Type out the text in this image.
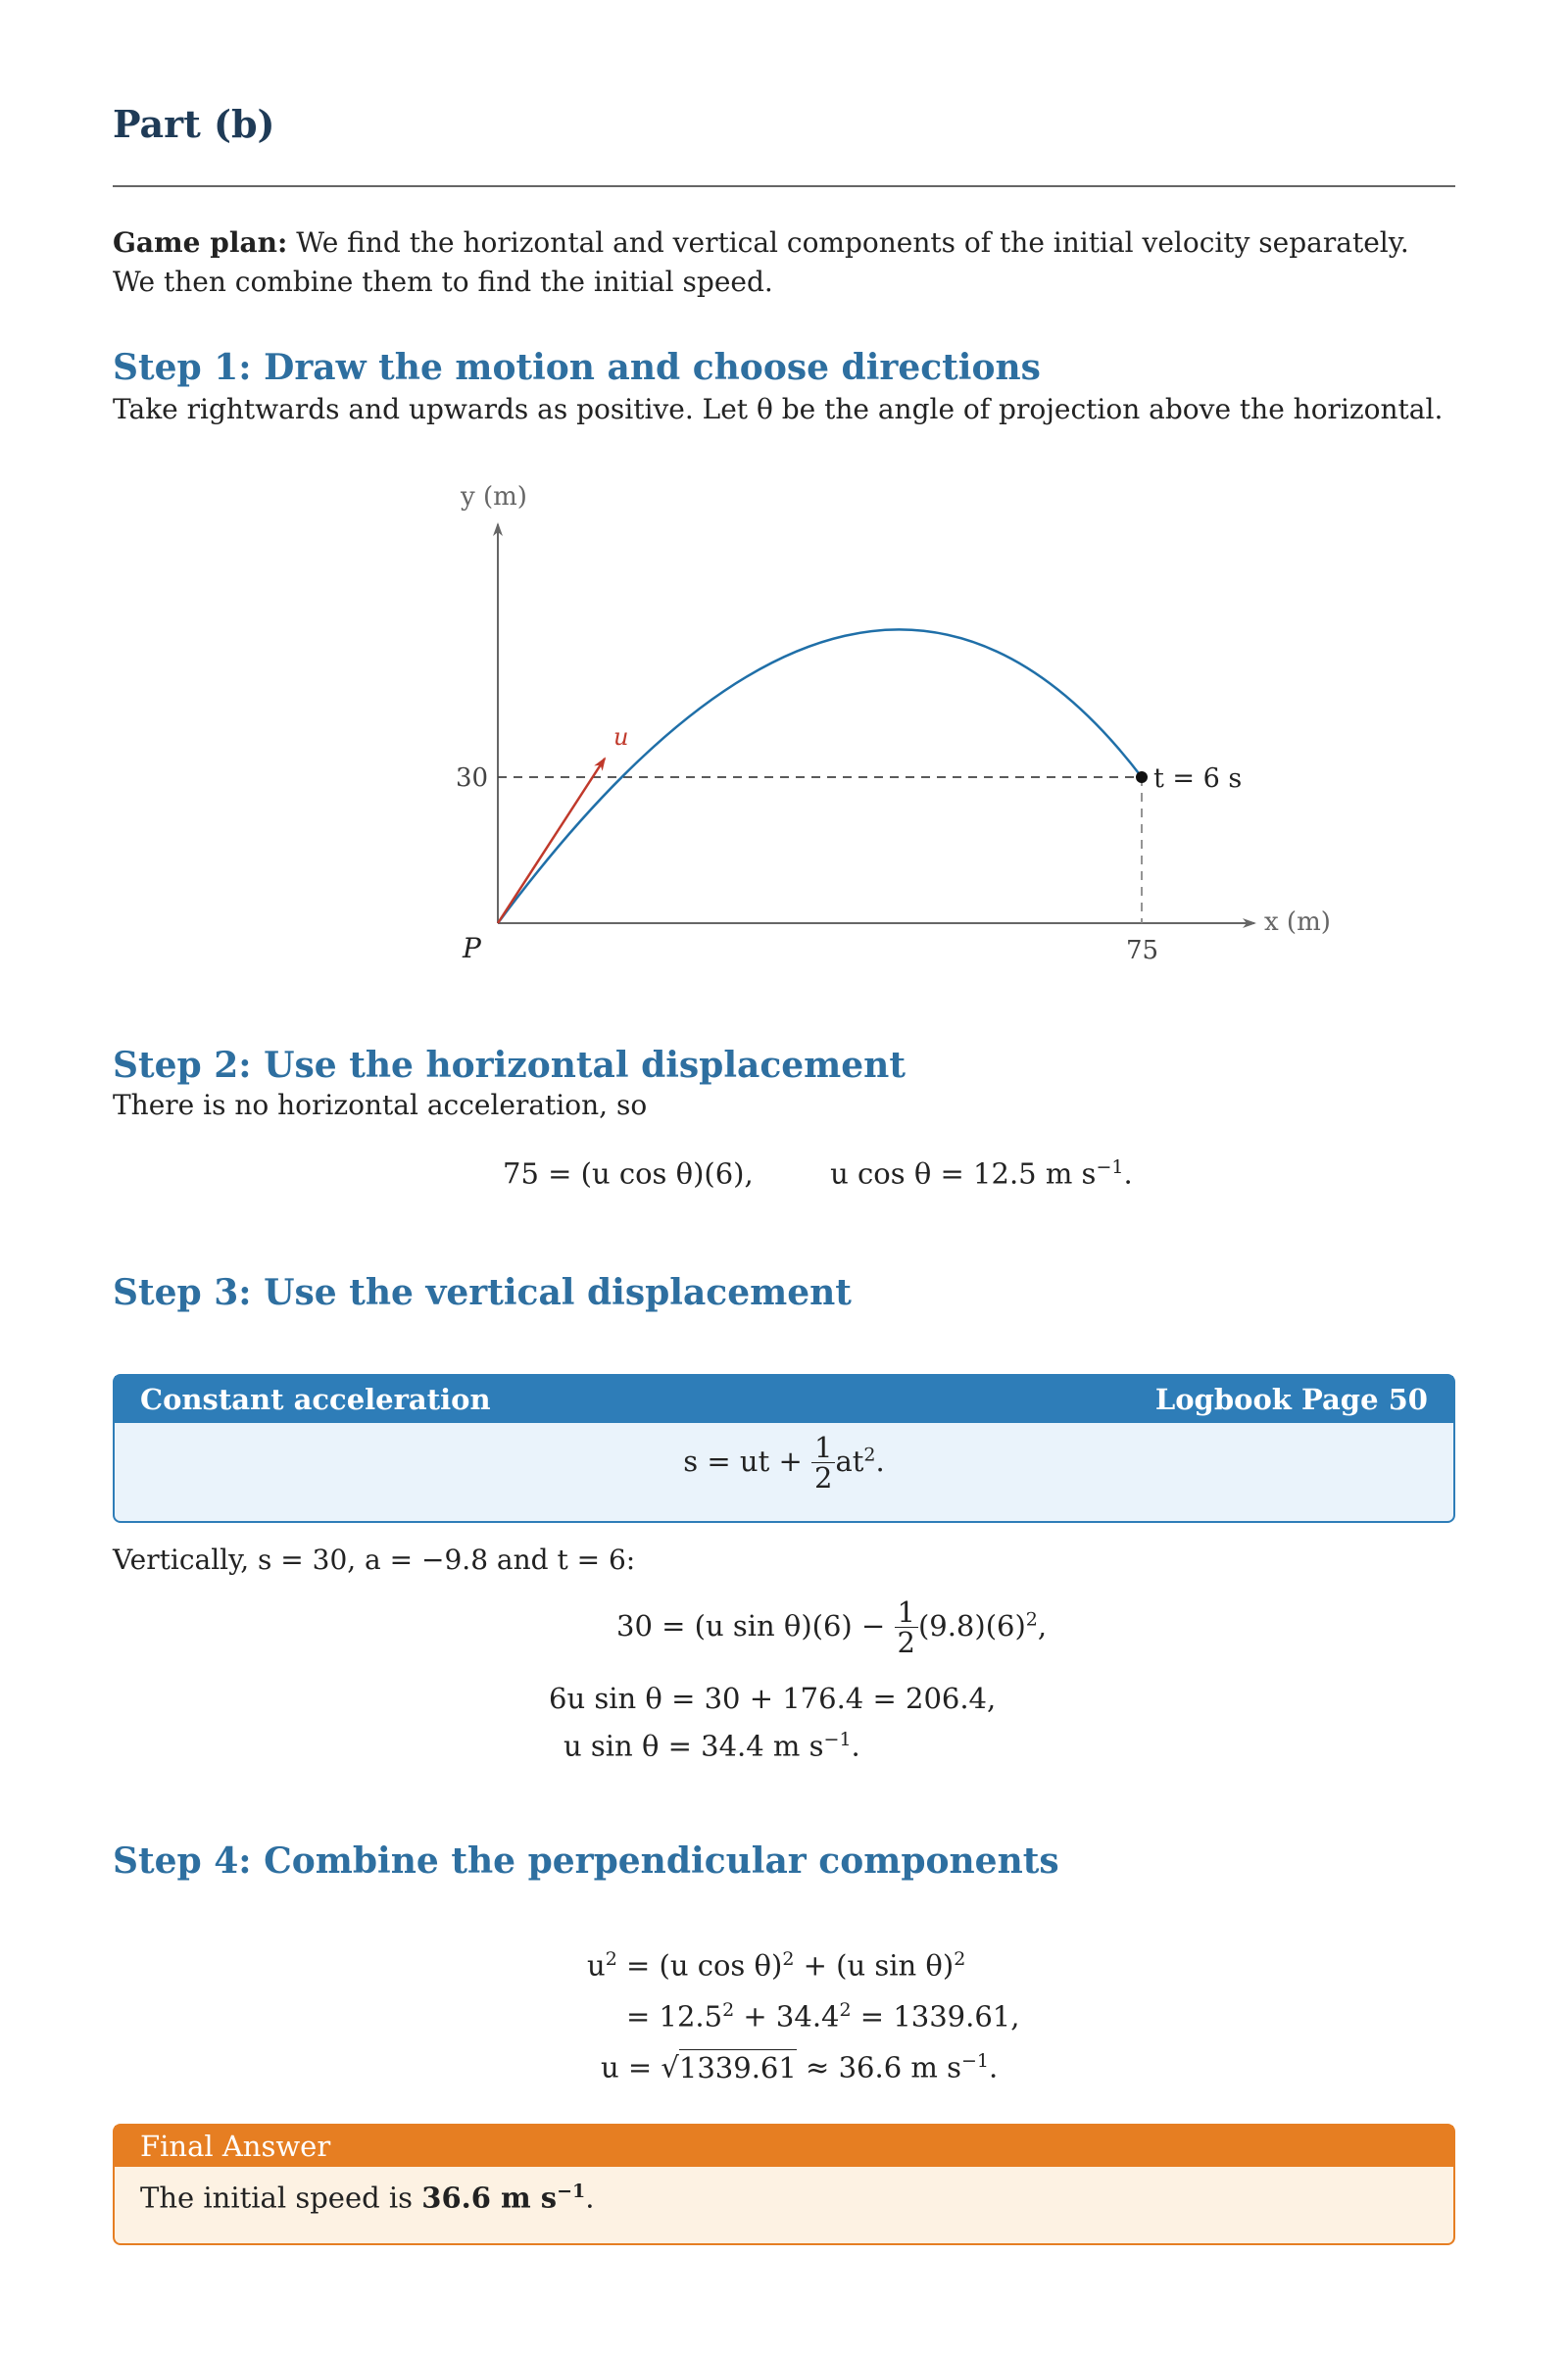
Part (b)
Game plan: We find the horizontal and vertical components of the initial velocity separately. We then combine them to find the initial speed.
Step 1: Draw the motion and choose directions
Take rightwards and upwards as positive. Let θ be the angle of projection above the horizontal.
y (m)
x (m)
30
75
P
u
t = 6 s
Step 2: Use the horizontal displacement
There is no horizontal acceleration, so
75 = (u cos θ)(6),	u cos θ = 12.5 m $s^{-1}$.
Step 3: Use the vertical displacement
Constant acceleration	Logbook Page 50
s = ut + $\frac{1}{2} at^2$.
Vertically, s = 30, a = −9.8 and t = 6:
30 = (u $\sin \theta)(6) - \frac{1}{2} (9.8)(6)^2$,
6u sin θ = 30 + 176.4 = 206.4,
u sin θ = 34.4 m $s^{-1}$.
Step 4: Combine the perpendicular components
$u^2 = (u$ cos θ)$^2$ + (u sin θ)$^2$
= $12.5^2 + 34.4^2 = 1339.61$,
u = √1339.61 ≈ 36.6 m $s^{-1}$.
Final Answer
The initial speed is 36.6 m $s^{-1}$.
